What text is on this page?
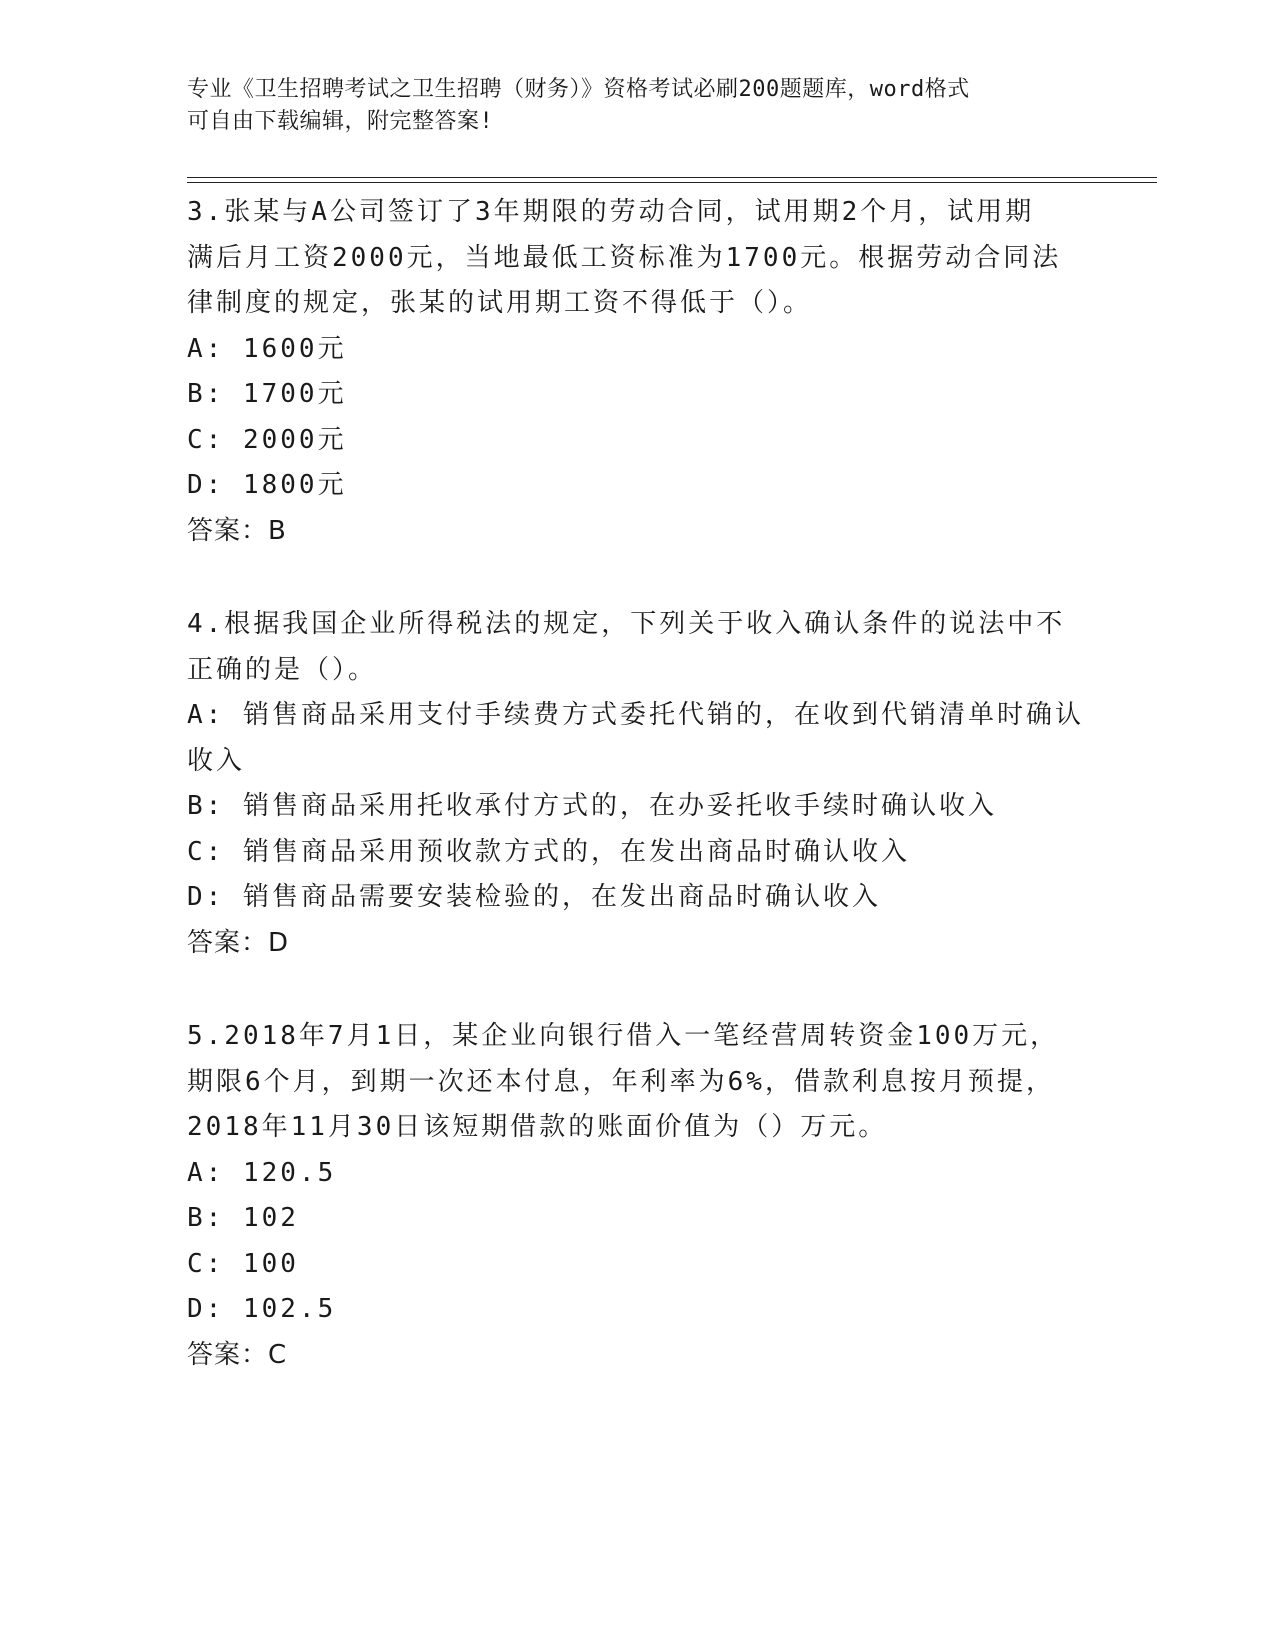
专业《卫生招聘考试之卫生招聘（财务）》资格考试必刷200题题库，word格式
可自由下载编辑，附完整答案!

3.张某与A公司签订了3年期限的劳动合同，试用期2个月，试用期

满后月工资2000元，当地最低工资标准为1700元。根据劳动合同法

律制度的规定，张某的试用期工资不得低于（）。

A: 1600元

B: 1700元

C: 2000元

D: 1800元

答案：B

4.根据我国企业所得税法的规定，下列关于收入确认条件的说法中不

正确的是（）。

A: 销售商品采用支付手续费方式委托代销的，在收到代销清单时确认

收入

B: 销售商品采用托收承付方式的，在办妥托收手续时确认收入

C: 销售商品采用预收款方式的，在发出商品时确认收入

D: 销售商品需要安装检验的，在发出商品时确认收入

答案：D

5.2018年7月1日，某企业向银行借入一笔经营周转资金100万元，

期限6个月，到期一次还本付息，年利率为6%，借款利息按月预提，

2018年11月30日该短期借款的账面价值为（）万元。

A: 120.5

B: 102

C: 100

D: 102.5

答案：C
